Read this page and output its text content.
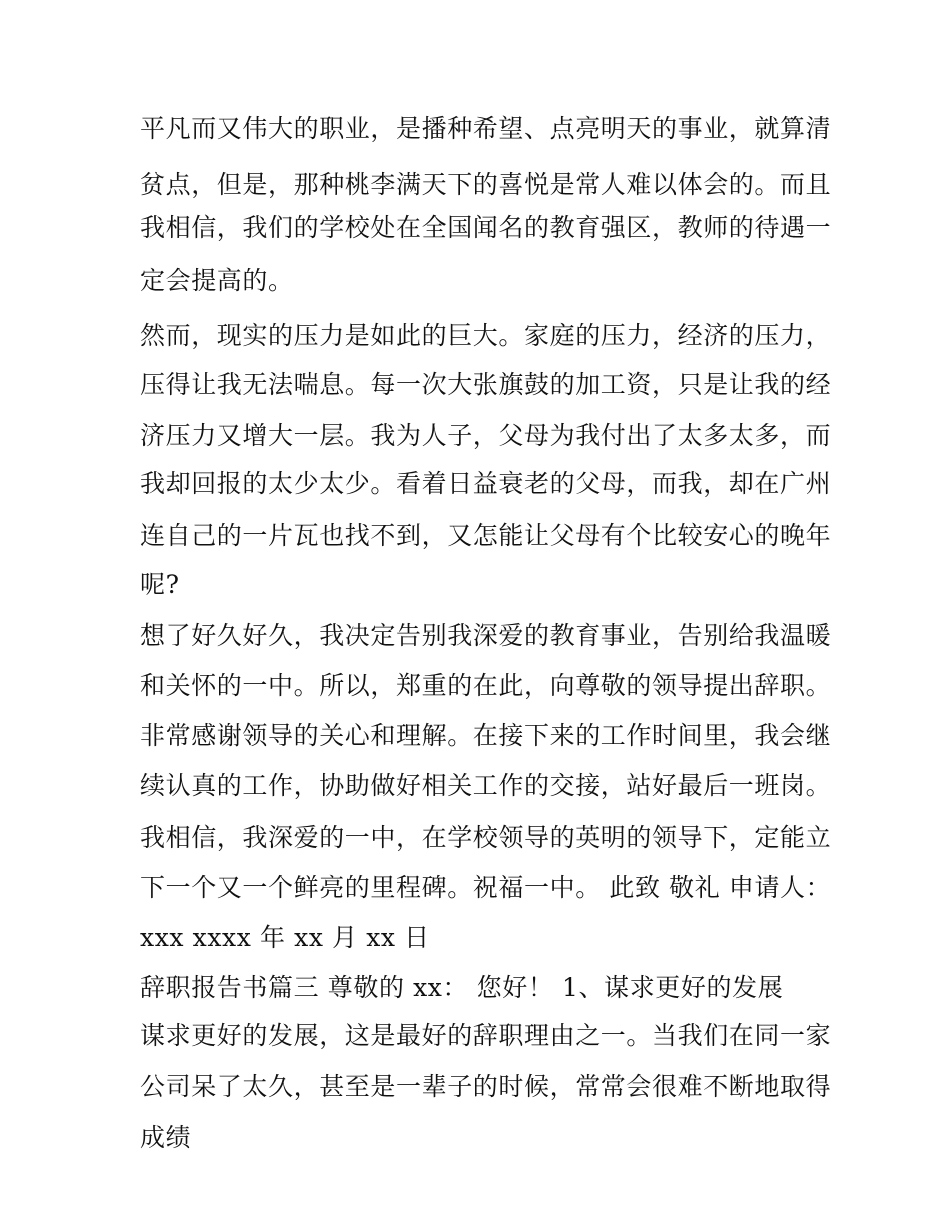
平凡而又伟大的职业，是播种希望、点亮明天的事业，就算清

贫点，但是，那种桃李满天下的喜悦是常人难以体会的。而且

我相信，我们的学校处在全国闻名的教育强区，教师的待遇一

定会提高的。

然而，现实的压力是如此的巨大。家庭的压力，经济的压力，

压得让我无法喘息。每一次大张旗鼓的加工资，只是让我的经

济压力又增大一层。我为人子，父母为我付出了太多太多，而

我却回报的太少太少。看着日益衰老的父母，而我，却在广州

连自己的一片瓦也找不到，又怎能让父母有个比较安心的晚年

呢?

想了好久好久，我决定告别我深爱的教育事业，告别给我温暖

和关怀的一中。所以，郑重的在此，向尊敬的领导提出辞职。

非常感谢领导的关心和理解。在接下来的工作时间里，我会继

续认真的工作，协助做好相关工作的交接，站好最后一班岗。

我相信，我深爱的一中，在学校领导的英明的领导下，定能立

下一个又一个鲜亮的里程碑。祝福一中。 此致 敬礼 申请人：

xxx xxxx 年 xx 月 xx 日

辞职报告书篇三 尊敬的 xx： 您好！ 1、谋求更好的发展

谋求更好的发展，这是最好的辞职理由之一。当我们在同一家

公司呆了太久，甚至是一辈子的时候，常常会很难不断地取得

成绩
